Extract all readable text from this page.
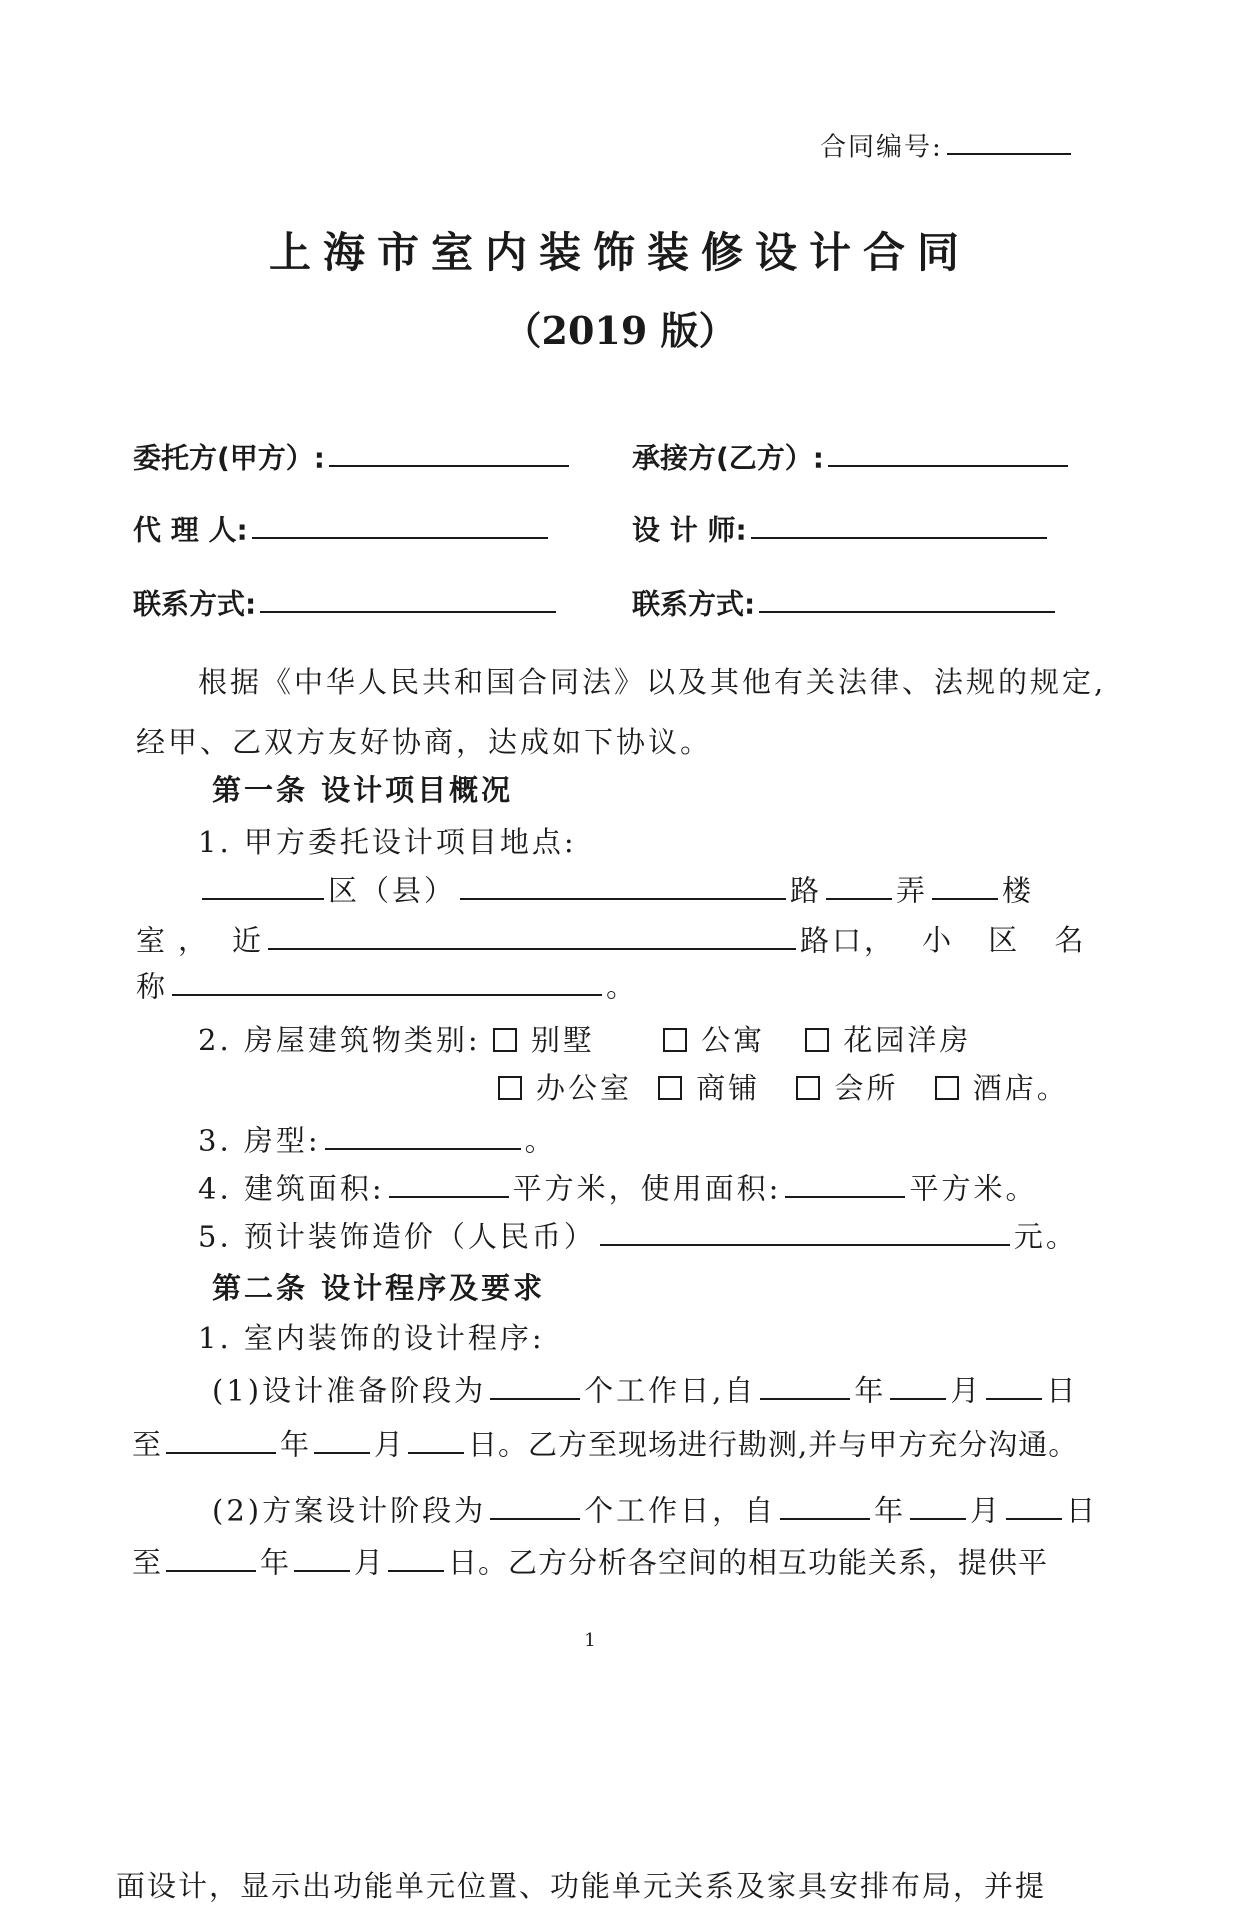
合同编号:
上海市室内装饰装修设计合同
（2019 版）
委托方(甲方）:	承接方(乙方）:
代 理 人:	设 计 师:
联系方式:	联系方式:
根据《中华人民共和国合同法》以及其他有关法律、法规的规定,
经甲、乙双方友好协商，达成如下协议。
第一条 设计项目概况
1. 甲方委托设计项目地点:
区（县）	路	弄	楼
室 ， 近	路口， 小 区 名
称	。
2. 房屋建筑物类别: 别墅	公寓	花园洋房
办公室 商铺	会所	酒店。
3. 房型:	。
4. 建筑面积:	平方米，使用面积:	平方米。
5. 预计装饰造价（人民币）	元。
第二条 设计程序及要求
1. 室内装饰的设计程序:
(1)设计准备阶段为	个工作日,自	年 月 日
至	年 月 日。乙方至现场进行勘测,并与甲方充分沟通。
(2)方案设计阶段为	个工作日，自	年 月 日
至	年 月 日。乙方分析各空间的相互功能关系，提供平
1
面设计，显示出功能单元位置、功能单元关系及家具安排布局，并提
